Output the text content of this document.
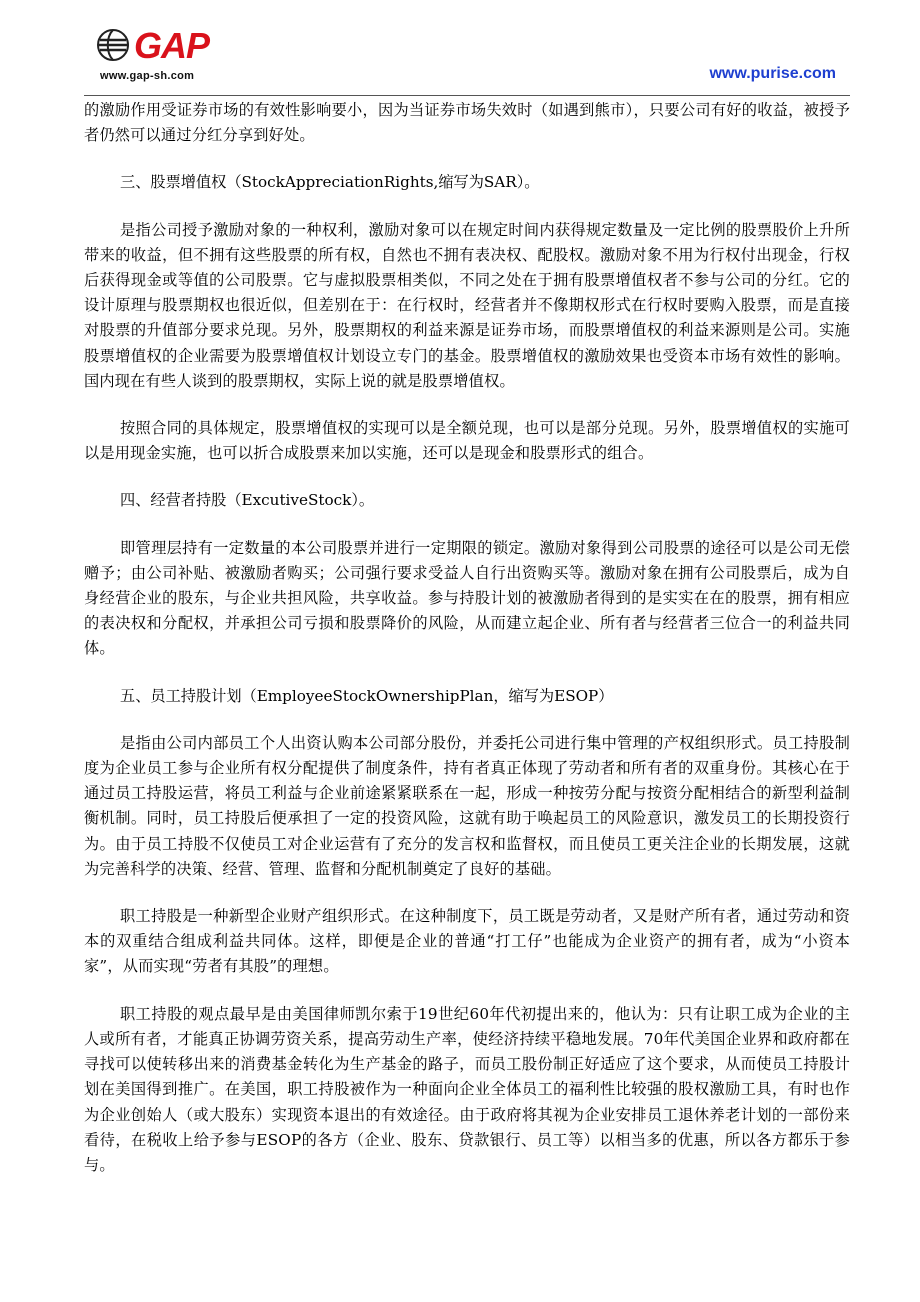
GAP
www.gap-sh.com	www.purise.com

的激励作用受证券市场的有效性影响要小，因为当证券市场失效时（如遇到熊市），只要公司有好的收益，被授予者仍然可以通过分红分享到好处。

三、股票增值权（StockAppreciationRights,缩写为SAR）。

是指公司授予激励对象的一种权利，激励对象可以在规定时间内获得规定数量及一定比例的股票股价上升所带来的收益，但不拥有这些股票的所有权，自然也不拥有表决权、配股权。激励对象不用为行权付出现金，行权后获得现金或等值的公司股票。它与虚拟股票相类似，不同之处在于拥有股票增值权者不参与公司的分红。它的设计原理与股票期权也很近似，但差别在于：在行权时，经营者并不像期权形式在行权时要购入股票，而是直接对股票的升值部分要求兑现。另外，股票期权的利益来源是证券市场，而股票增值权的利益来源则是公司。实施股票增值权的企业需要为股票增值权计划设立专门的基金。股票增值权的激励效果也受资本市场有效性的影响。国内现在有些人谈到的股票期权，实际上说的就是股票增值权。

按照合同的具体规定，股票增值权的实现可以是全额兑现，也可以是部分兑现。另外，股票增值权的实施可以是用现金实施，也可以折合成股票来加以实施，还可以是现金和股票形式的组合。

四、经营者持股（ExcutiveStock）。

即管理层持有一定数量的本公司股票并进行一定期限的锁定。激励对象得到公司股票的途径可以是公司无偿赠予；由公司补贴、被激励者购买；公司强行要求受益人自行出资购买等。激励对象在拥有公司股票后，成为自身经营企业的股东，与企业共担风险，共享收益。参与持股计划的被激励者得到的是实实在在的股票，拥有相应的表决权和分配权，并承担公司亏损和股票降价的风险，从而建立起企业、所有者与经营者三位合一的利益共同体。

五、员工持股计划（EmployeeStockOwnershipPlan，缩写为ESOP）

是指由公司内部员工个人出资认购本公司部分股份，并委托公司进行集中管理的产权组织形式。员工持股制度为企业员工参与企业所有权分配提供了制度条件，持有者真正体现了劳动者和所有者的双重身份。其核心在于通过员工持股运营，将员工利益与企业前途紧紧联系在一起，形成一种按劳分配与按资分配相结合的新型利益制衡机制。同时，员工持股后便承担了一定的投资风险，这就有助于唤起员工的风险意识，激发员工的长期投资行为。由于员工持股不仅使员工对企业运营有了充分的发言权和监督权，而且使员工更关注企业的长期发展，这就为完善科学的决策、经营、管理、监督和分配机制奠定了良好的基础。

职工持股是一种新型企业财产组织形式。在这种制度下，员工既是劳动者，又是财产所有者，通过劳动和资本的双重结合组成利益共同体。这样，即便是企业的普通“打工仔”也能成为企业资产的拥有者，成为“小资本家”，从而实现“劳者有其股”的理想。

职工持股的观点最早是由美国律师凯尔索于19世纪60年代初提出来的，他认为：只有让职工成为企业的主人或所有者，才能真正协调劳资关系，提高劳动生产率，使经济持续平稳地发展。70年代美国企业界和政府都在寻找可以使转移出来的消费基金转化为生产基金的路子，而员工股份制正好适应了这个要求，从而使员工持股计划在美国得到推广。在美国，职工持股被作为一种面向企业全体员工的福利性比较强的股权激励工具，有时也作为企业创始人（或大股东）实现资本退出的有效途径。由于政府将其视为企业安排员工退休养老计划的一部份来看待，在税收上给予参与ESOP的各方（企业、股东、贷款银行、员工等）以相当多的优惠，所以各方都乐于参与。
